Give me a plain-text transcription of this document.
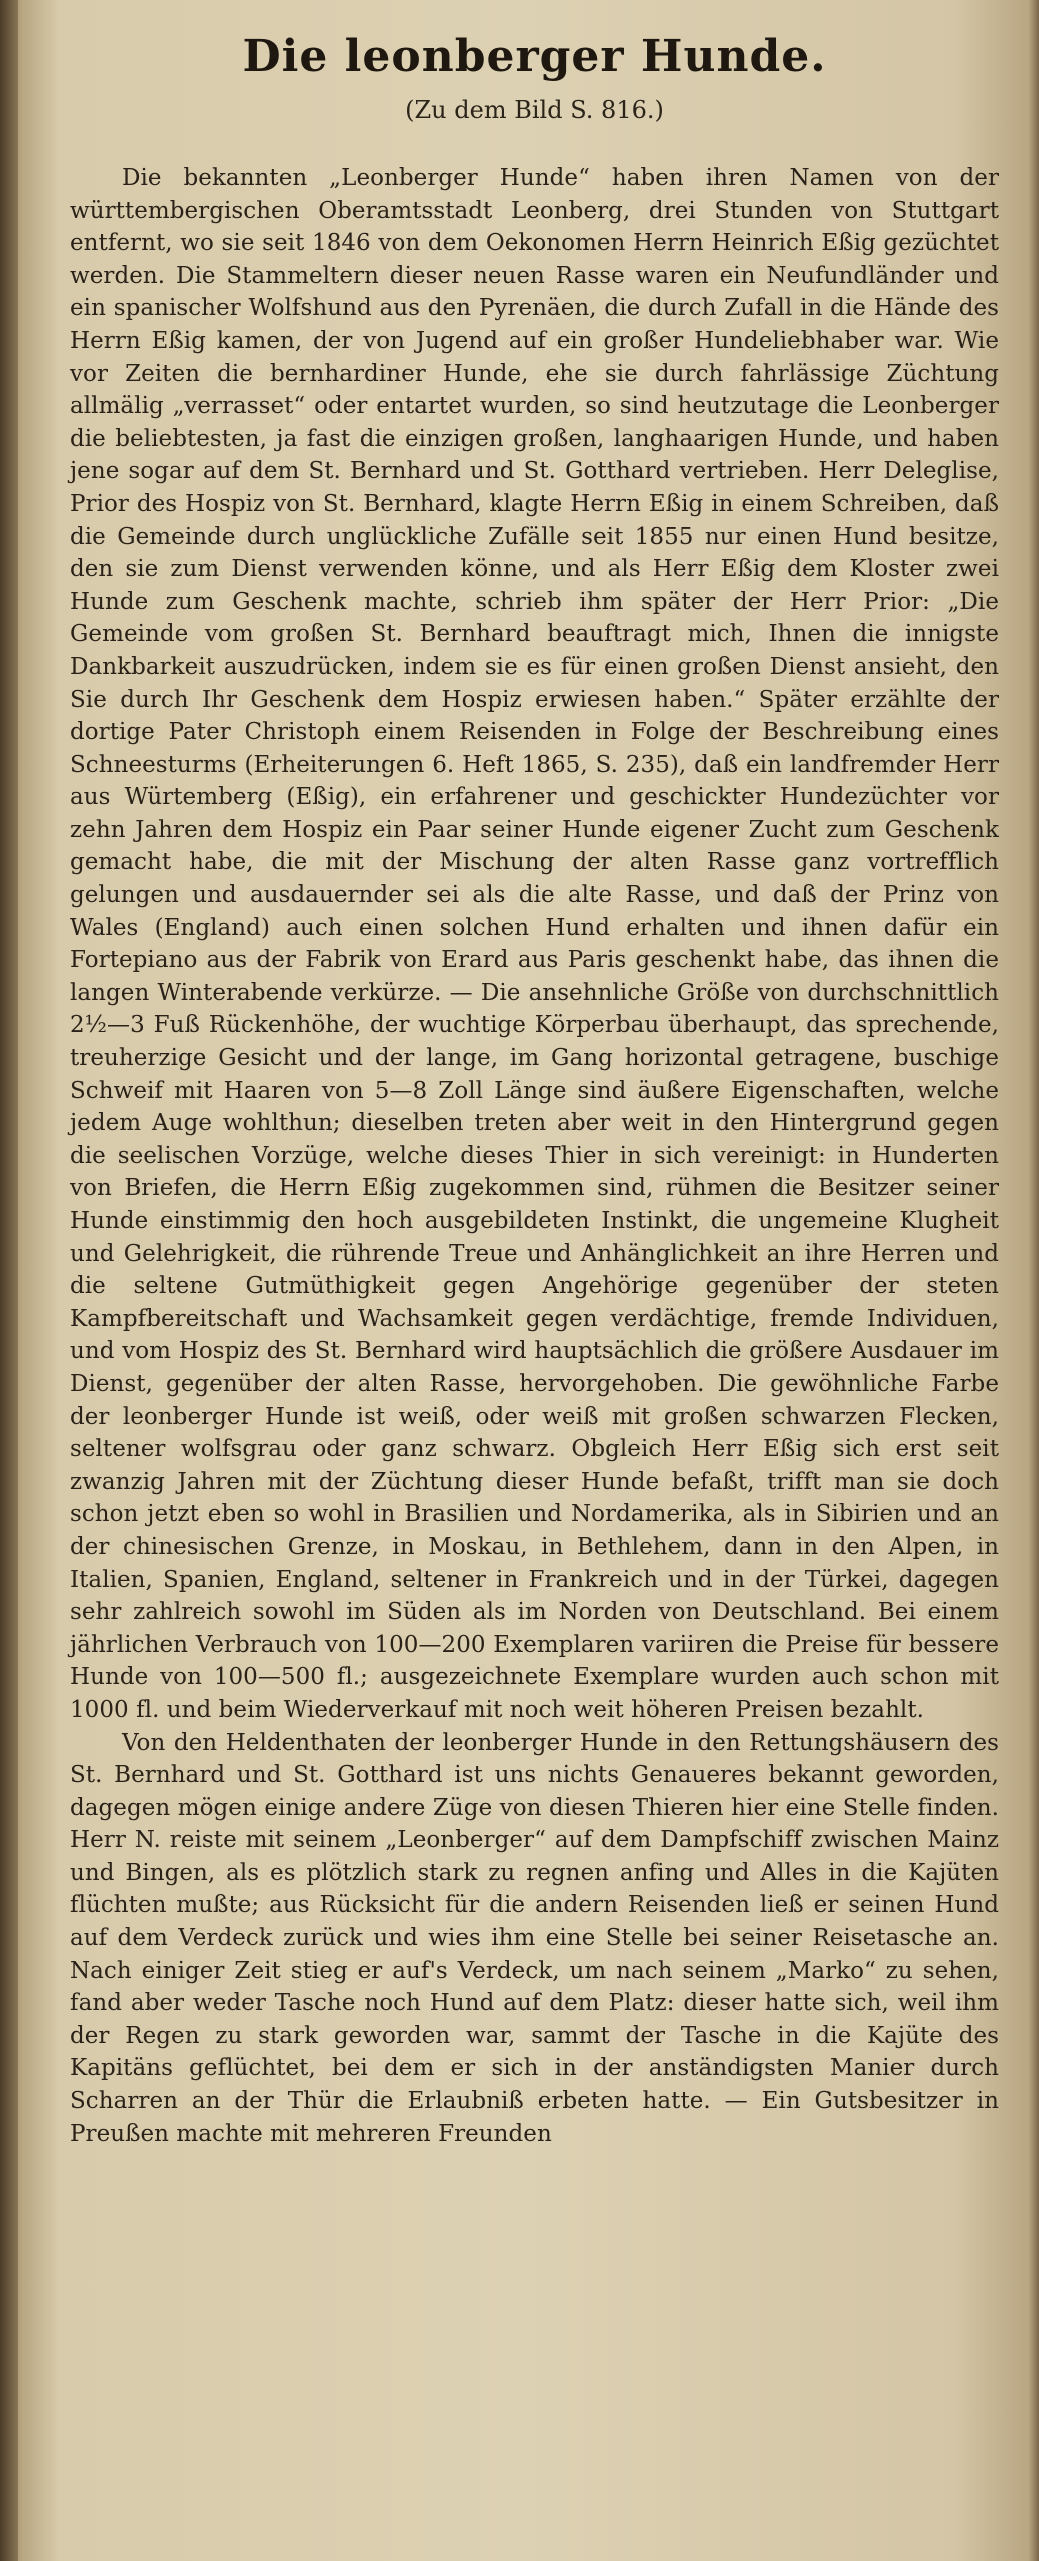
Die leonberger Hunde.
(Zu dem Bild S. 816.)

Die bekannten „Leonberger Hunde“ haben ihren Namen von der württembergischen Oberamtsstadt Leonberg, drei Stunden von Stuttgart entfernt, wo sie seit 1846 von dem Oekonomen Herrn Heinrich Eßig gezüchtet werden. Die Stammeltern dieser neuen Rasse waren ein Neufundländer und ein spanischer Wolfshund aus den Pyrenäen, die durch Zufall in die Hände des Herrn Eßig kamen, der von Jugend auf ein großer Hundeliebhaber war. Wie vor Zeiten die bernhardiner Hunde, ehe sie durch fahrlässige Züchtung allmälig „verrasset“ oder entartet wurden, so sind heutzutage die Leonberger die beliebtesten, ja fast die einzigen großen, langhaarigen Hunde, und haben jene sogar auf dem St. Bernhard und St. Gotthard vertrieben. Herr Deleglise, Prior des Hospiz von St. Bernhard, klagte Herrn Eßig in einem Schreiben, daß die Gemeinde durch unglückliche Zufälle seit 1855 nur einen Hund besitze, den sie zum Dienst verwenden könne, und als Herr Eßig dem Kloster zwei Hunde zum Geschenk machte, schrieb ihm später der Herr Prior: „Die Gemeinde vom großen St. Bernhard beauftragt mich, Ihnen die innigste Dankbarkeit auszudrücken, indem sie es für einen großen Dienst ansieht, den Sie durch Ihr Geschenk dem Hospiz erwiesen haben.“ Später erzählte der dortige Pater Christoph einem Reisenden in Folge der Beschreibung eines Schneesturms (Erheiterungen 6. Heft 1865, S. 235), daß ein landfremder Herr aus Würtemberg (Eßig), ein erfahrener und geschickter Hundezüchter vor zehn Jahren dem Hospiz ein Paar seiner Hunde eigener Zucht zum Geschenk gemacht habe, die mit der Mischung der alten Rasse ganz vortrefflich gelungen und ausdauernder sei als die alte Rasse, und daß der Prinz von Wales (England) auch einen solchen Hund erhalten und ihnen dafür ein Fortepiano aus der Fabrik von Erard aus Paris geschenkt habe, das ihnen die langen Winterabende verkürze. — Die ansehnliche Größe von durchschnittlich 2½—3 Fuß Rückenhöhe, der wuchtige Körperbau überhaupt, das sprechende, treuherzige Gesicht und der lange, im Gang horizontal getragene, buschige Schweif mit Haaren von 5—8 Zoll Länge sind äußere Eigenschaften, welche jedem Auge wohlthun; dieselben treten aber weit in den Hintergrund gegen die seelischen Vorzüge, welche dieses Thier in sich vereinigt: in Hunderten von Briefen, die Herrn Eßig zugekommen sind, rühmen die Besitzer seiner Hunde einstimmig den hoch ausgebildeten Instinkt, die ungemeine Klugheit und Gelehrigkeit, die rührende Treue und Anhänglichkeit an ihre Herren und die seltene Gutmüthigkeit gegen Angehörige gegenüber der steten Kampfbereitschaft und Wachsamkeit gegen verdächtige, fremde Individuen, und vom Hospiz des St. Bernhard wird hauptsächlich die größere Ausdauer im Dienst, gegenüber der alten Rasse, hervorgehoben. Die gewöhnliche Farbe der leonberger Hunde ist weiß, oder weiß mit großen schwarzen Flecken, seltener wolfsgrau oder ganz schwarz. Obgleich Herr Eßig sich erst seit zwanzig Jahren mit der Züchtung dieser Hunde befaßt, trifft man sie doch schon jetzt eben so wohl in Brasilien und Nordamerika, als in Sibirien und an der chinesischen Grenze, in Moskau, in Bethlehem, dann in den Alpen, in Italien, Spanien, England, seltener in Frankreich und in der Türkei, dagegen sehr zahlreich sowohl im Süden als im Norden von Deutschland. Bei einem jährlichen Verbrauch von 100—200 Exemplaren variiren die Preise für bessere Hunde von 100—500 fl.; ausgezeichnete Exemplare wurden auch schon mit 1000 fl. und beim Wiederverkauf mit noch weit höheren Preisen bezahlt.

Von den Heldenthaten der leonberger Hunde in den Rettungshäusern des St. Bernhard und St. Gotthard ist uns nichts Genaueres bekannt geworden, dagegen mögen einige andere Züge von diesen Thieren hier eine Stelle finden. Herr N. reiste mit seinem „Leonberger“ auf dem Dampfschiff zwischen Mainz und Bingen, als es plötzlich stark zu regnen anfing und Alles in die Kajüten flüchten mußte; aus Rücksicht für die andern Reisenden ließ er seinen Hund auf dem Verdeck zurück und wies ihm eine Stelle bei seiner Reisetasche an. Nach einiger Zeit stieg er auf's Verdeck, um nach seinem „Marko“ zu sehen, fand aber weder Tasche noch Hund auf dem Platz: dieser hatte sich, weil ihm der Regen zu stark geworden war, sammt der Tasche in die Kajüte des Kapitäns geflüchtet, bei dem er sich in der anständigsten Manier durch Scharren an der Thür die Erlaubniß erbeten hatte. — Ein Gutsbesitzer in Preußen machte mit mehreren Freunden
